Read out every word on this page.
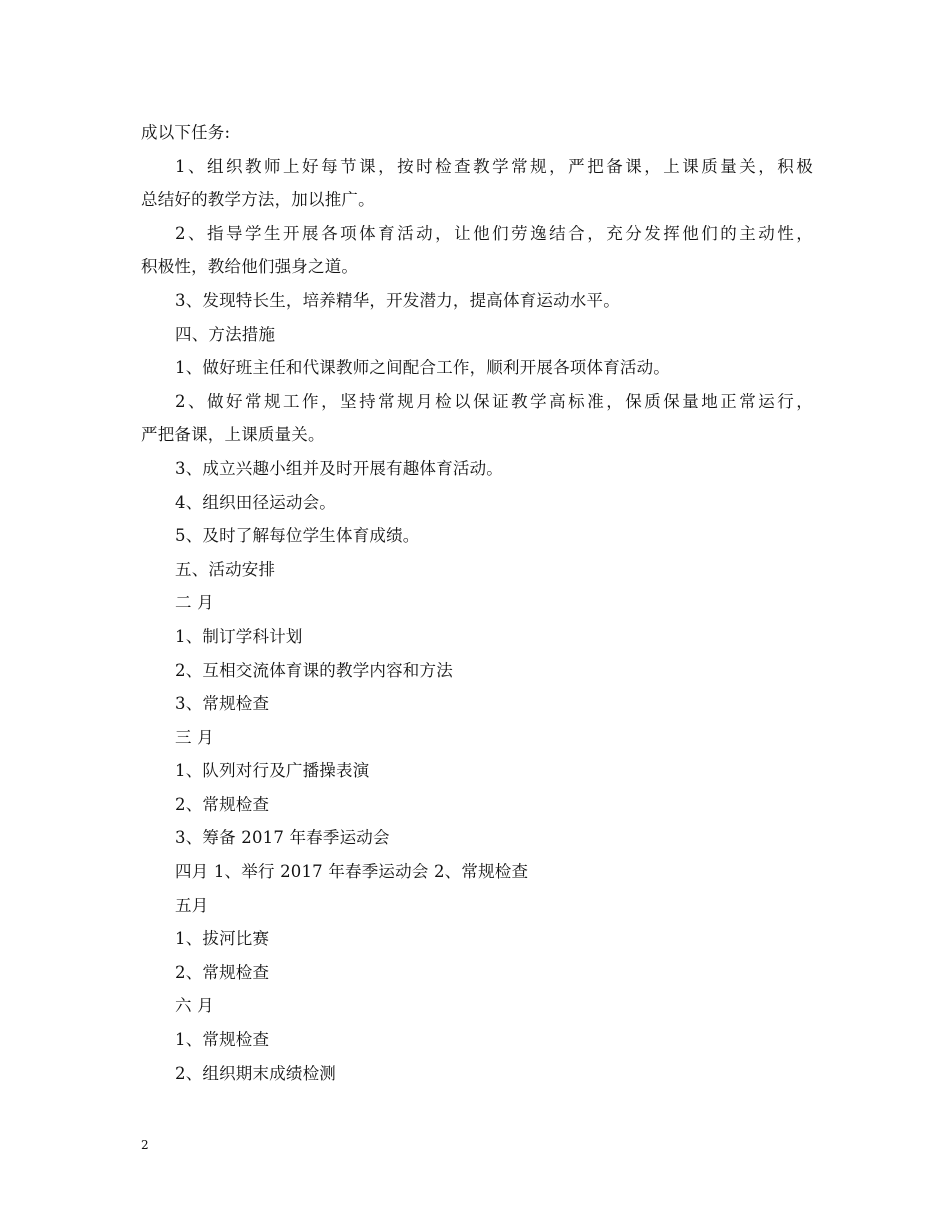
成以下任务:
1、组织教师上好每节课，按时检查教学常规，严把备课，上课质量关，积极
总结好的教学方法，加以推广。
2、指导学生开展各项体育活动，让他们劳逸结合，充分发挥他们的主动性，
积极性，教给他们强身之道。
3、发现特长生，培养精华，开发潜力，提高体育运动水平。
四、方法措施
1、做好班主任和代课教师之间配合工作，顺利开展各项体育活动。
2、做好常规工作，坚持常规月检以保证教学高标准，保质保量地正常运行，
严把备课，上课质量关。
3、成立兴趣小组并及时开展有趣体育活动。
4、组织田径运动会。
5、及时了解每位学生体育成绩。
五、活动安排
二 月
1、制订学科计划
2、互相交流体育课的教学内容和方法
3、常规检查
三 月
1、队列对行及广播操表演
2、常规检查
3、筹备 2017 年春季运动会
四月 1、举行 2017 年春季运动会 2、常规检查
五月
1、拔河比赛
2、常规检查
六 月
1、常规检查
2、组织期末成绩检测
2
